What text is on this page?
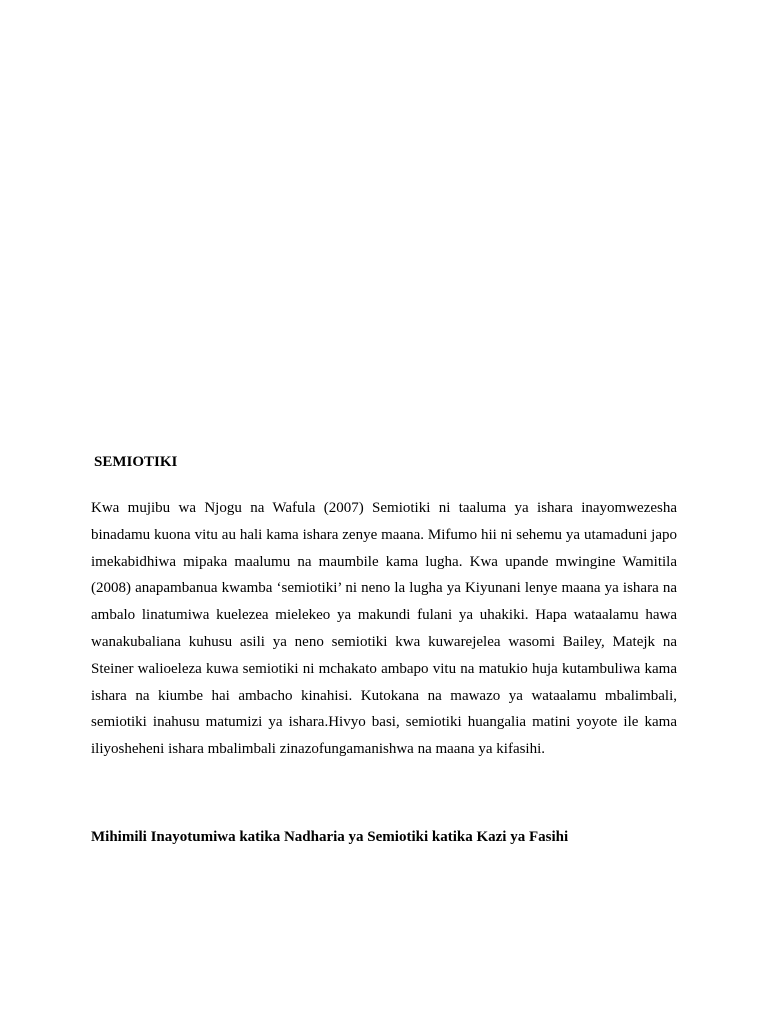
SEMIOTIKI

Kwa mujibu wa Njogu na Wafula (2007) Semiotiki ni taaluma ya ishara inayomwezesha
binadamu kuona vitu au hali kama ishara zenye maana. Mifumo hii ni sehemu ya utamaduni japo
imekabidhiwa mipaka maalumu na maumbile kama lugha. Kwa upande mwingine Wamitila
(2008) anapambanua kwamba ‘semiotiki’ ni neno la lugha ya Kiyunani lenye maana ya ishara na
ambalo linatumiwa kuelezea mielekeo ya makundi fulani ya uhakiki. Hapa wataalamu hawa
wanakubaliana kuhusu asili ya neno semiotiki kwa kuwarejelea wasomi Bailey, Matejk na
Steiner walioeleza kuwa semiotiki ni mchakato ambapo vitu na matukio huja kutambuliwa kama
ishara na kiumbe hai ambacho kinahisi. Kutokana na mawazo ya wataalamu mbalimbali,
semiotiki inahusu matumizi ya ishara.Hivyo basi, semiotiki huangalia matini yoyote ile kama
iliyosheheni ishara mbalimbali zinazofungamanishwa na maana ya kifasihi.

Mihimili Inayotumiwa katika Nadharia ya Semiotiki katika Kazi ya Fasihi
